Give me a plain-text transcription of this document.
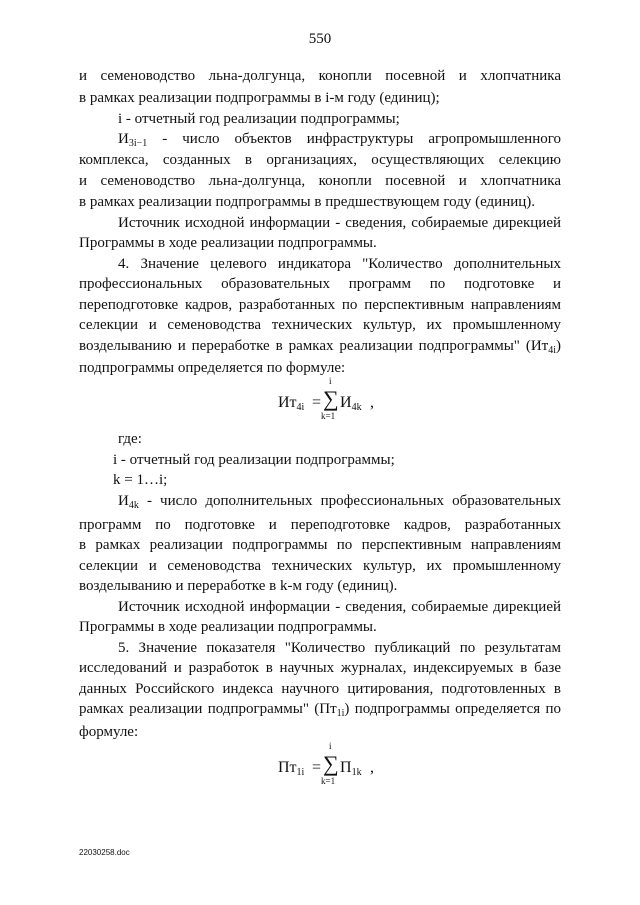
550
и семеноводство льна-долгунца, конопли посевной и хлопчатника
в рамках реализации подпрограммы в i-м году (единиц);
i - отчетный год реализации подпрограммы;
$И_{3i-1}$ - число объектов инфраструктуры агропромышленного
комплекса, созданных в организациях, осуществляющих селекцию
и семеноводство льна-долгунца, конопли посевной и хлопчатника
в рамках реализации подпрограммы в предшествующем году (единиц).
Источник исходной информации - сведения, собираемые дирекцией
Программы в ходе реализации подпрограммы.
4. Значение целевого индикатора "Количество дополнительных
профессиональных образовательных программ по подготовке и
переподготовке кадров, разработанных по перспективным направлениям
селекции и семеноводства технических культур, их промышленному
возделыванию и переработке в рамках реализации подпрограммы" $(Ит_{4i})$
подпрограммы определяется по формуле:
$Ит_{4i}$ =
i
∑
k=1
$И_{4k}$ ,
где:
i - отчетный год реализации подпрограммы;
k = 1…i;
$И_{4k}$ - число дополнительных профессиональных образовательных
программ по подготовке и переподготовке кадров, разработанных
в рамках реализации подпрограммы по перспективным направлениям
селекции и семеноводства технических культур, их промышленному
возделыванию и переработке в k-м году (единиц).
Источник исходной информации - сведения, собираемые дирекцией
Программы в ходе реализации подпрограммы.
5. Значение показателя "Количество публикаций по результатам
исследований и разработок в научных журналах, индексируемых в базе
данных Российского индекса научного цитирования, подготовленных в
рамках реализации подпрограммы" $(Пт_{1i})$ подпрограммы определяется по
формуле:
$Пт_{1i}$ =
i
∑
k=1
$П_{1k}$ ,
22030258.doc
